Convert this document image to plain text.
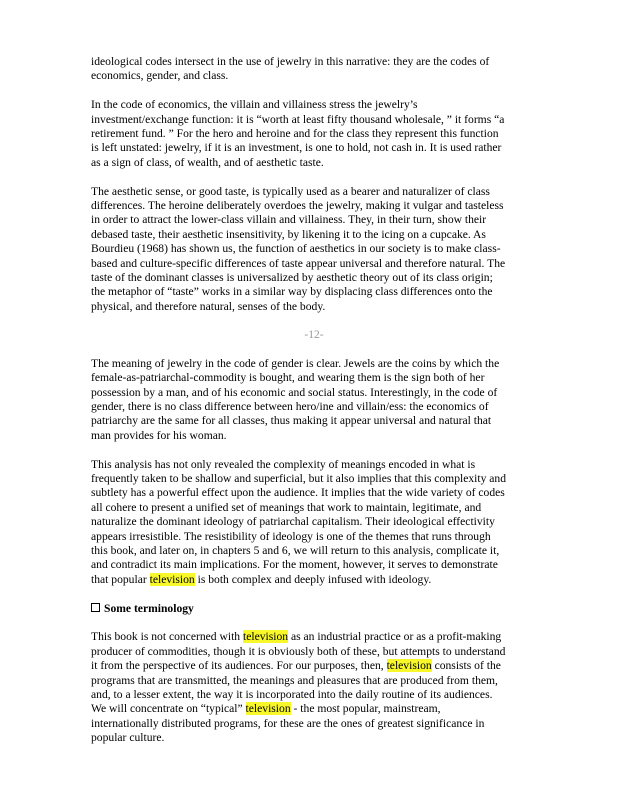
ideological codes intersect in the use of jewelry in this narrative: they are the codes of
economics, gender, and class.

In the code of economics, the villain and villainess stress the jewelry’s
investment/exchange function: it is “worth at least fifty thousand wholesale, ” it forms “a
retirement fund. ” For the hero and heroine and for the class they represent this function
is left unstated: jewelry, if it is an investment, is one to hold, not cash in. It is used rather
as a sign of class, of wealth, and of aesthetic taste.

The aesthetic sense, or good taste, is typically used as a bearer and naturalizer of class
differences. The heroine deliberately overdoes the jewelry, making it vulgar and tasteless
in order to attract the lower-class villain and villainess. They, in their turn, show their
debased taste, their aesthetic insensitivity, by likening it to the icing on a cupcake. As
Bourdieu (1968) has shown us, the function of aesthetics in our society is to make class-
based and culture-specific differences of taste appear universal and therefore natural. The
taste of the dominant classes is universalized by aesthetic theory out of its class origin;
the metaphor of “taste” works in a similar way by displacing class differences onto the
physical, and therefore natural, senses of the body.

-12-

The meaning of jewelry in the code of gender is clear. Jewels are the coins by which the
female-as-patriarchal-commodity is bought, and wearing them is the sign both of her
possession by a man, and of his economic and social status. Interestingly, in the code of
gender, there is no class difference between hero/ine and villain/ess: the economics of
patriarchy are the same for all classes, thus making it appear universal and natural that
man provides for his woman.

This analysis has not only revealed the complexity of meanings encoded in what is
frequently taken to be shallow and superficial, but it also implies that this complexity and
subtlety has a powerful effect upon the audience. It implies that the wide variety of codes
all cohere to present a unified set of meanings that work to maintain, legitimate, and
naturalize the dominant ideology of patriarchal capitalism. Their ideological effectivity
appears irresistible. The resistibility of ideology is one of the themes that runs through
this book, and later on, in chapters 5 and 6, we will return to this analysis, complicate it,
and contradict its main implications. For the moment, however, it serves to demonstrate
that popular television is both complex and deeply infused with ideology.

Some terminology

This book is not concerned with television as an industrial practice or as a profit-making
producer of commodities, though it is obviously both of these, but attempts to understand
it from the perspective of its audiences. For our purposes, then, television consists of the
programs that are transmitted, the meanings and pleasures that are produced from them,
and, to a lesser extent, the way it is incorporated into the daily routine of its audiences.
We will concentrate on “typical” television - the most popular, mainstream,
internationally distributed programs, for these are the ones of greatest significance in
popular culture.
